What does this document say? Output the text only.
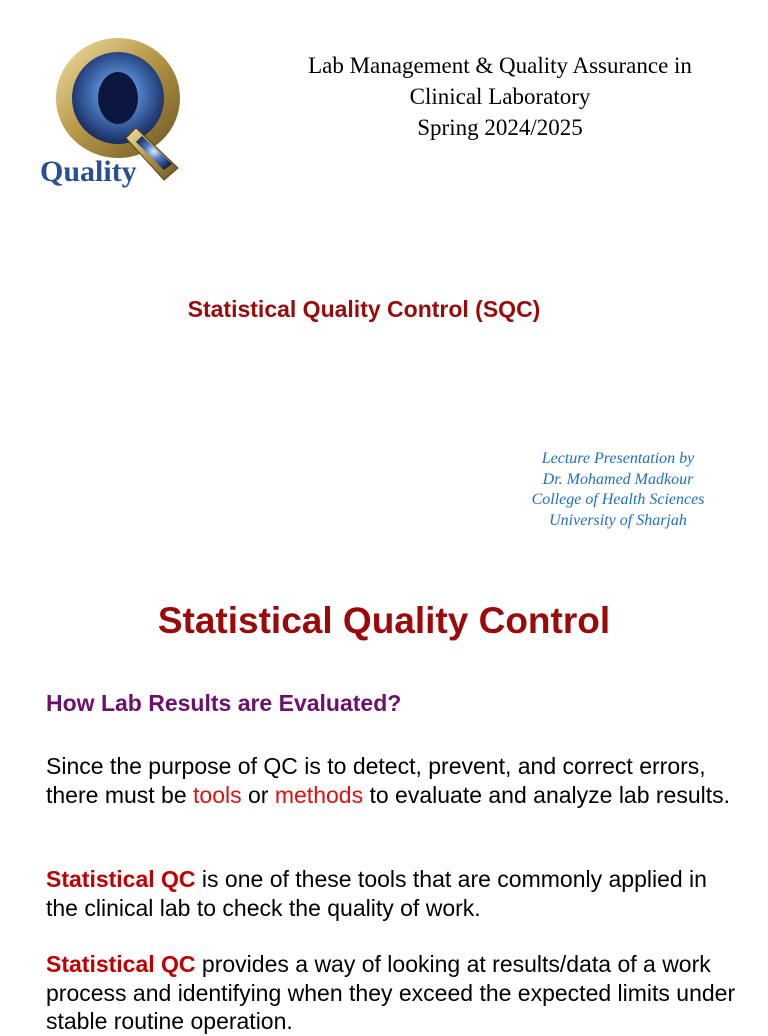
Quality
Lab Management & Quality Assurance in
Clinical Laboratory
Spring 2024/2025
Statistical Quality Control (SQC)
Lecture Presentation by
Dr. Mohamed Madkour
College of Health Sciences
University of Sharjah
Statistical Quality Control
How Lab Results are Evaluated?
Since the purpose of QC is to detect, prevent, and correct errors, there must be tools or methods to evaluate and analyze lab results.
Statistical QC is one of these tools that are commonly applied in the clinical lab to check the quality of work.
Statistical QC provides a way of looking at results/data of a work process and identifying when they exceed the expected limits under stable routine operation.
